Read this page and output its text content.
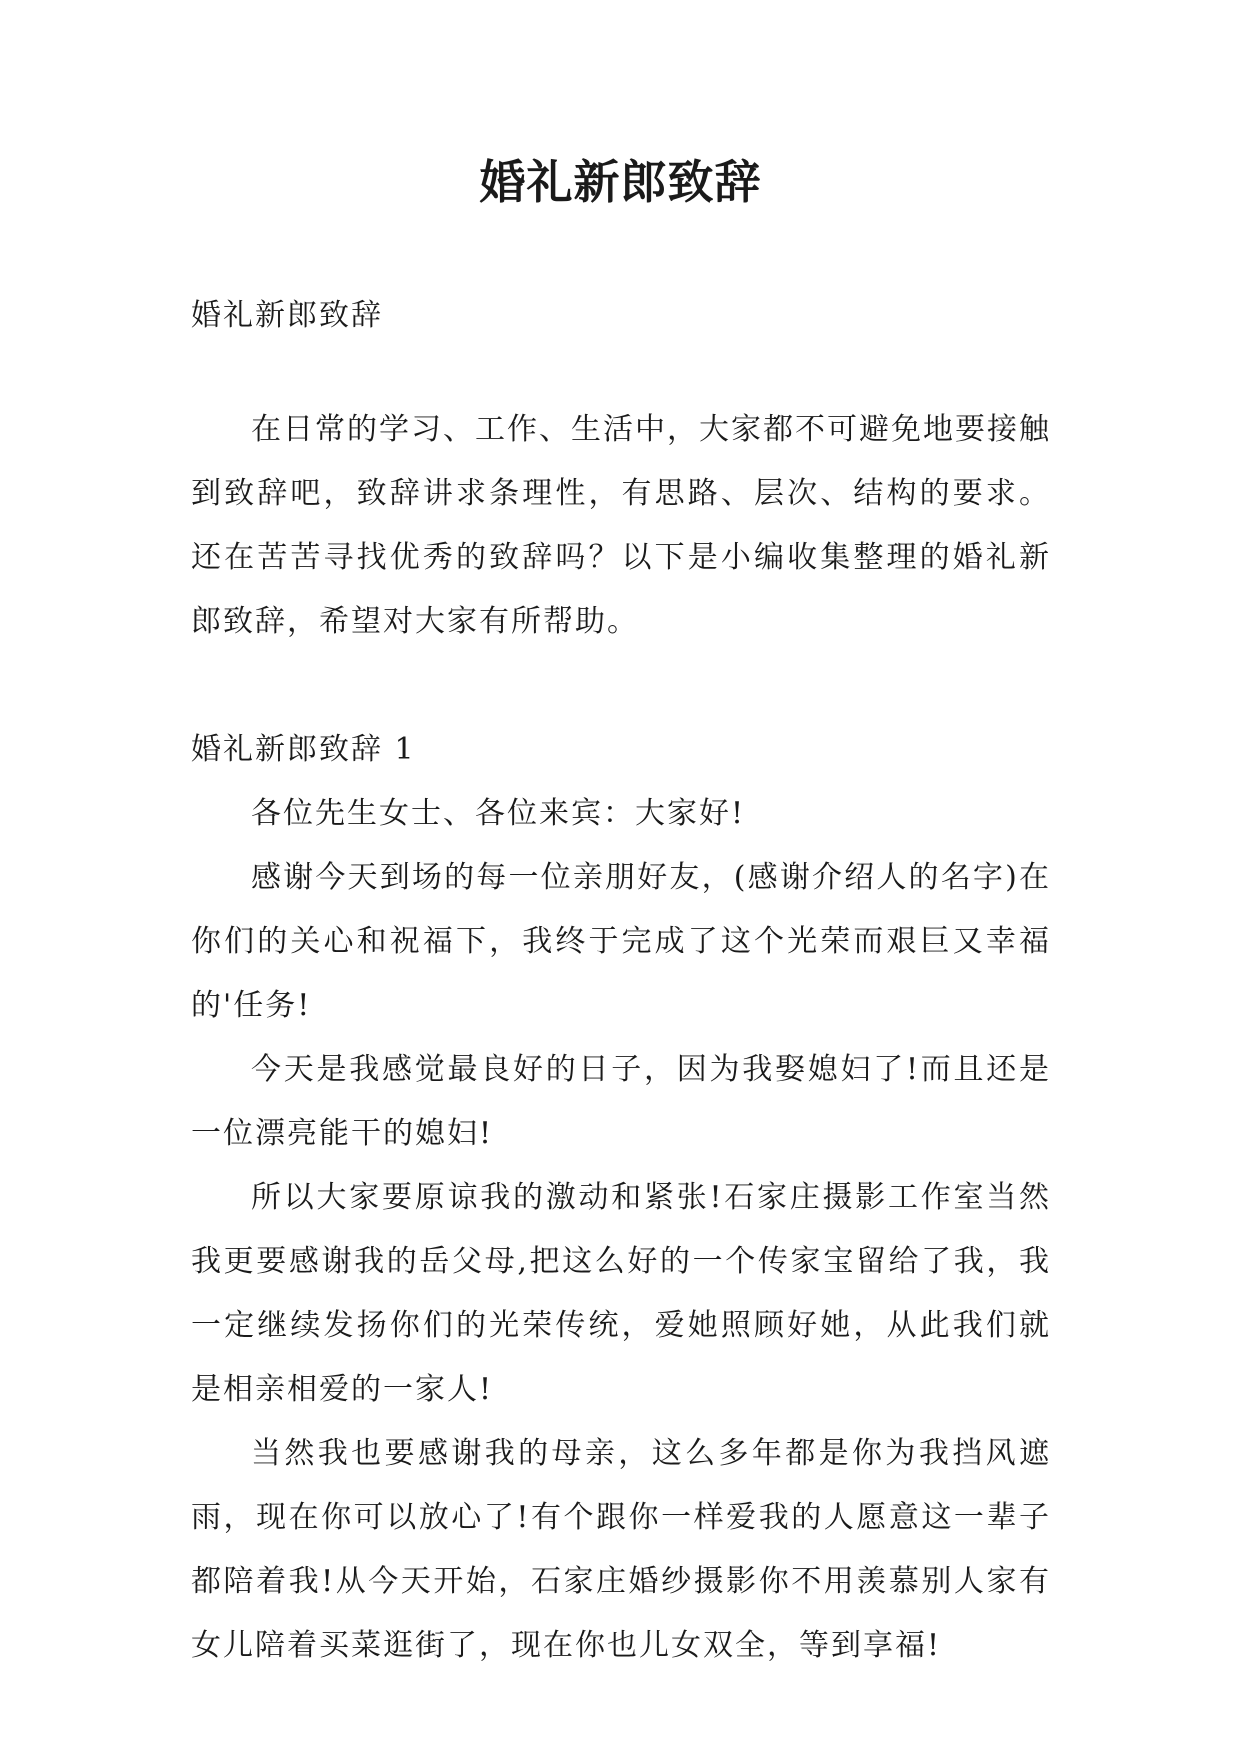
婚礼新郎致辞

婚礼新郎致辞

在日常的学习、工作、生活中，大家都不可避免地要接触到致辞吧，致辞讲求条理性，有思路、层次、结构的要求。还在苦苦寻找优秀的致辞吗？以下是小编收集整理的婚礼新郎致辞，希望对大家有所帮助。

婚礼新郎致辞 1

各位先生女士、各位来宾：大家好!

感谢今天到场的每一位亲朋好友，(感谢介绍人的名字)在你们的关心和祝福下，我终于完成了这个光荣而艰巨又幸福的'任务!

今天是我感觉最良好的日子，因为我娶媳妇了!而且还是一位漂亮能干的媳妇!

所以大家要原谅我的激动和紧张!石家庄摄影工作室当然我更要感谢我的岳父母,把这么好的一个传家宝留给了我，我一定继续发扬你们的光荣传统，爱她照顾好她，从此我们就是相亲相爱的一家人!

当然我也要感谢我的母亲，这么多年都是你为我挡风遮雨，现在你可以放心了!有个跟你一样爱我的人愿意这一辈子都陪着我!从今天开始，石家庄婚纱摄影你不用羡慕别人家有女儿陪着买菜逛街了，现在你也儿女双全，等到享福!
